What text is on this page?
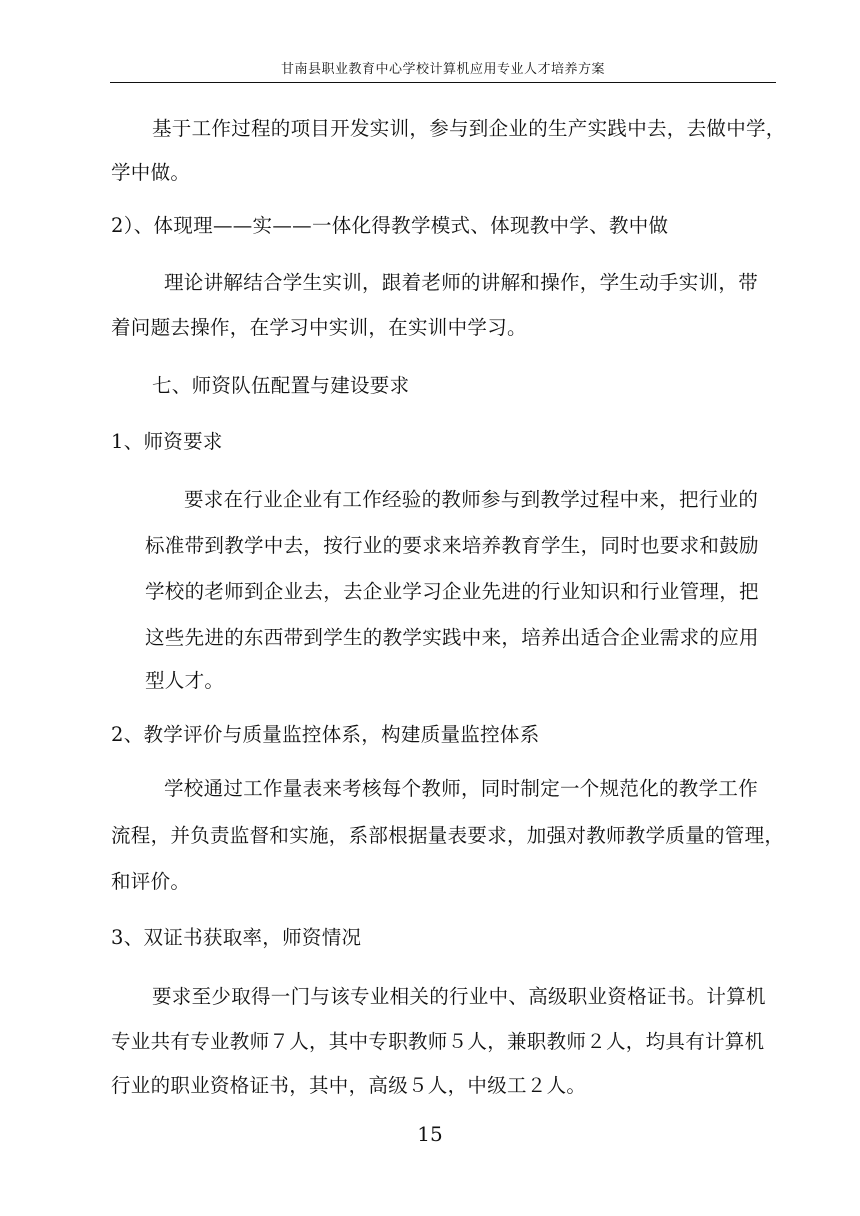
甘南县职业教育中心学校计算机应用专业人才培养方案
基于工作过程的项目开发实训，参与到企业的生产实践中去，去做中学，
学中做。
2）、体现理——实——一体化得教学模式、体现教中学、教中做
理论讲解结合学生实训，跟着老师的讲解和操作，学生动手实训，带
着问题去操作，在学习中实训，在实训中学习。
七、师资队伍配置与建设要求
1、师资要求
要求在行业企业有工作经验的教师参与到教学过程中来，把行业的
标准带到教学中去，按行业的要求来培养教育学生，同时也要求和鼓励
学校的老师到企业去，去企业学习企业先进的行业知识和行业管理，把
这些先进的东西带到学生的教学实践中来，培养出适合企业需求的应用
型人才。
2、教学评价与质量监控体系，构建质量监控体系
学校通过工作量表来考核每个教师，同时制定一个规范化的教学工作
流程，并负责监督和实施，系部根据量表要求，加强对教师教学质量的管理，
和评价。
3、双证书获取率，师资情况
要求至少取得一门与该专业相关的行业中、高级职业资格证书。计算机
专业共有专业教师７人，其中专职教师５人，兼职教师２人，均具有计算机
行业的职业资格证书，其中，高级５人，中级工２人。
15
